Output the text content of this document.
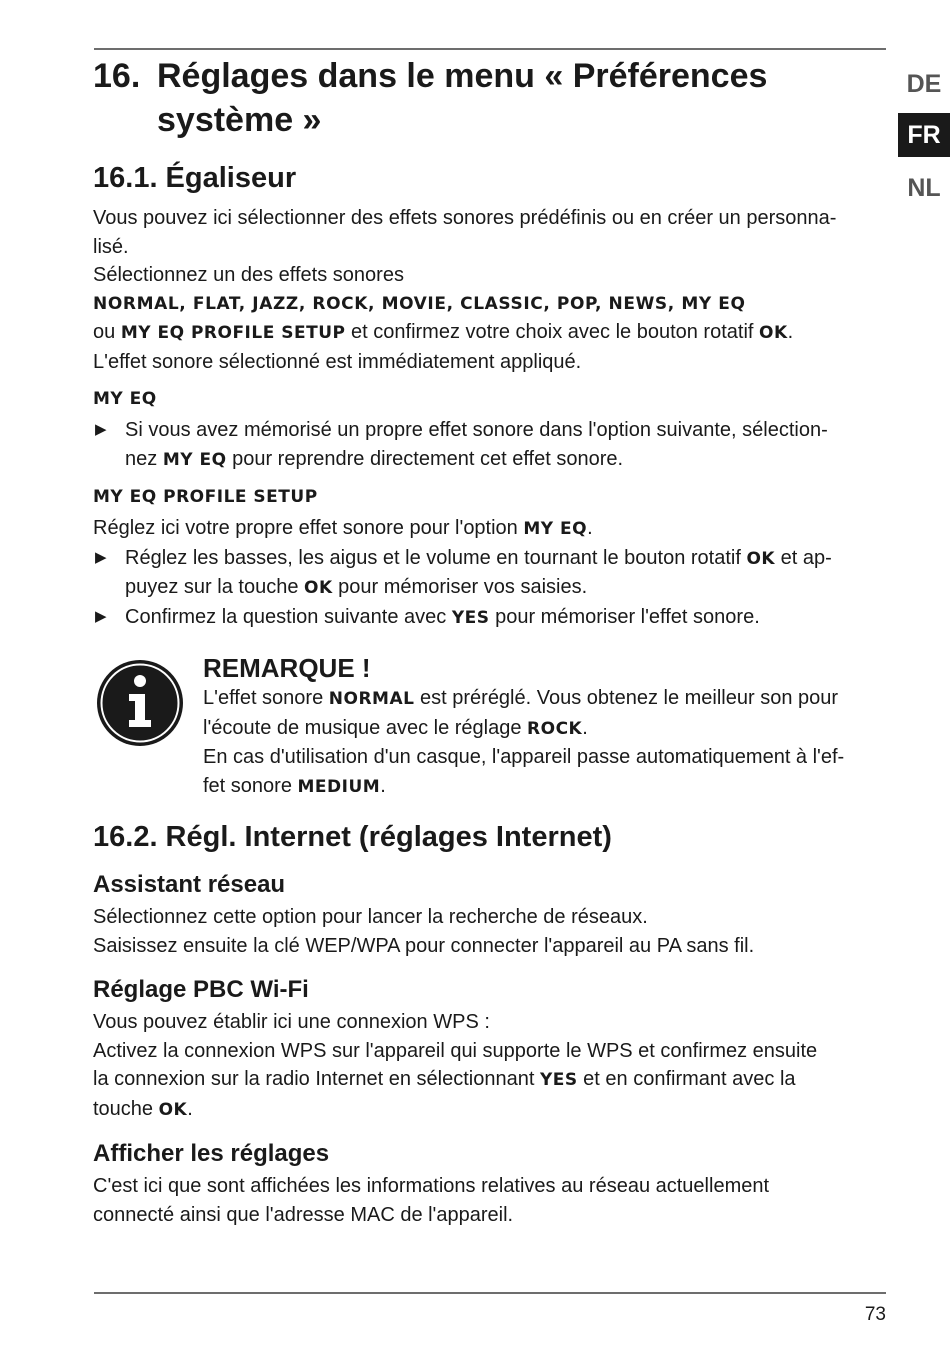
DE
FR
NL
16. Réglages dans le menu « Préférences
système »
16.1. Égaliseur

Vous pouvez ici sélectionner des effets sonores prédéfinis ou en créer un personna-
lisé.

Sélectionnez un des effets sonores

NORMAL, FLAT, JAZZ, ROCK, MOVIE, CLASSIC, POP, NEWS, MY EQ

ou MY EQ PROFILE SETUP et confirmez votre choix avec le bouton rotatif OK.

L'effet sonore sélectionné est immédiatement appliqué.

MY EQ

▶ Si vous avez mémorisé un propre effet sonore dans l'option suivante, sélection-
nez MY EQ pour reprendre directement cet effet sonore.

MY EQ PROFILE SETUP

Réglez ici votre propre effet sonore pour l'option MY EQ.

▶ Réglez les basses, les aigus et le volume en tournant le bouton rotatif OK et ap-
puyez sur la touche OK pour mémoriser vos saisies.

▶ Confirmez la question suivante avec YES pour mémoriser l'effet sonore.

REMARQUE !

L'effet sonore NORMAL est préréglé. Vous obtenez le meilleur son pour
l'écoute de musique avec le réglage ROCK.
En cas d'utilisation d'un casque, l'appareil passe automatiquement à l'ef-
fet sonore MEDIUM.

16.2. Régl. Internet (réglages Internet)
Assistant réseau

Sélectionnez cette option pour lancer la recherche de réseaux.

Saisissez ensuite la clé WEP/WPA pour connecter l'appareil au PA sans fil.

Réglage PBC Wi-Fi

Vous pouvez établir ici une connexion WPS :

Activez la connexion WPS sur l'appareil qui supporte le WPS et confirmez ensuite
la connexion sur la radio Internet en sélectionnant YES et en confirmant avec la
touche OK.

Afficher les réglages

C'est ici que sont affichées les informations relatives au réseau actuellement
connecté ainsi que l'adresse MAC de l'appareil.

73
